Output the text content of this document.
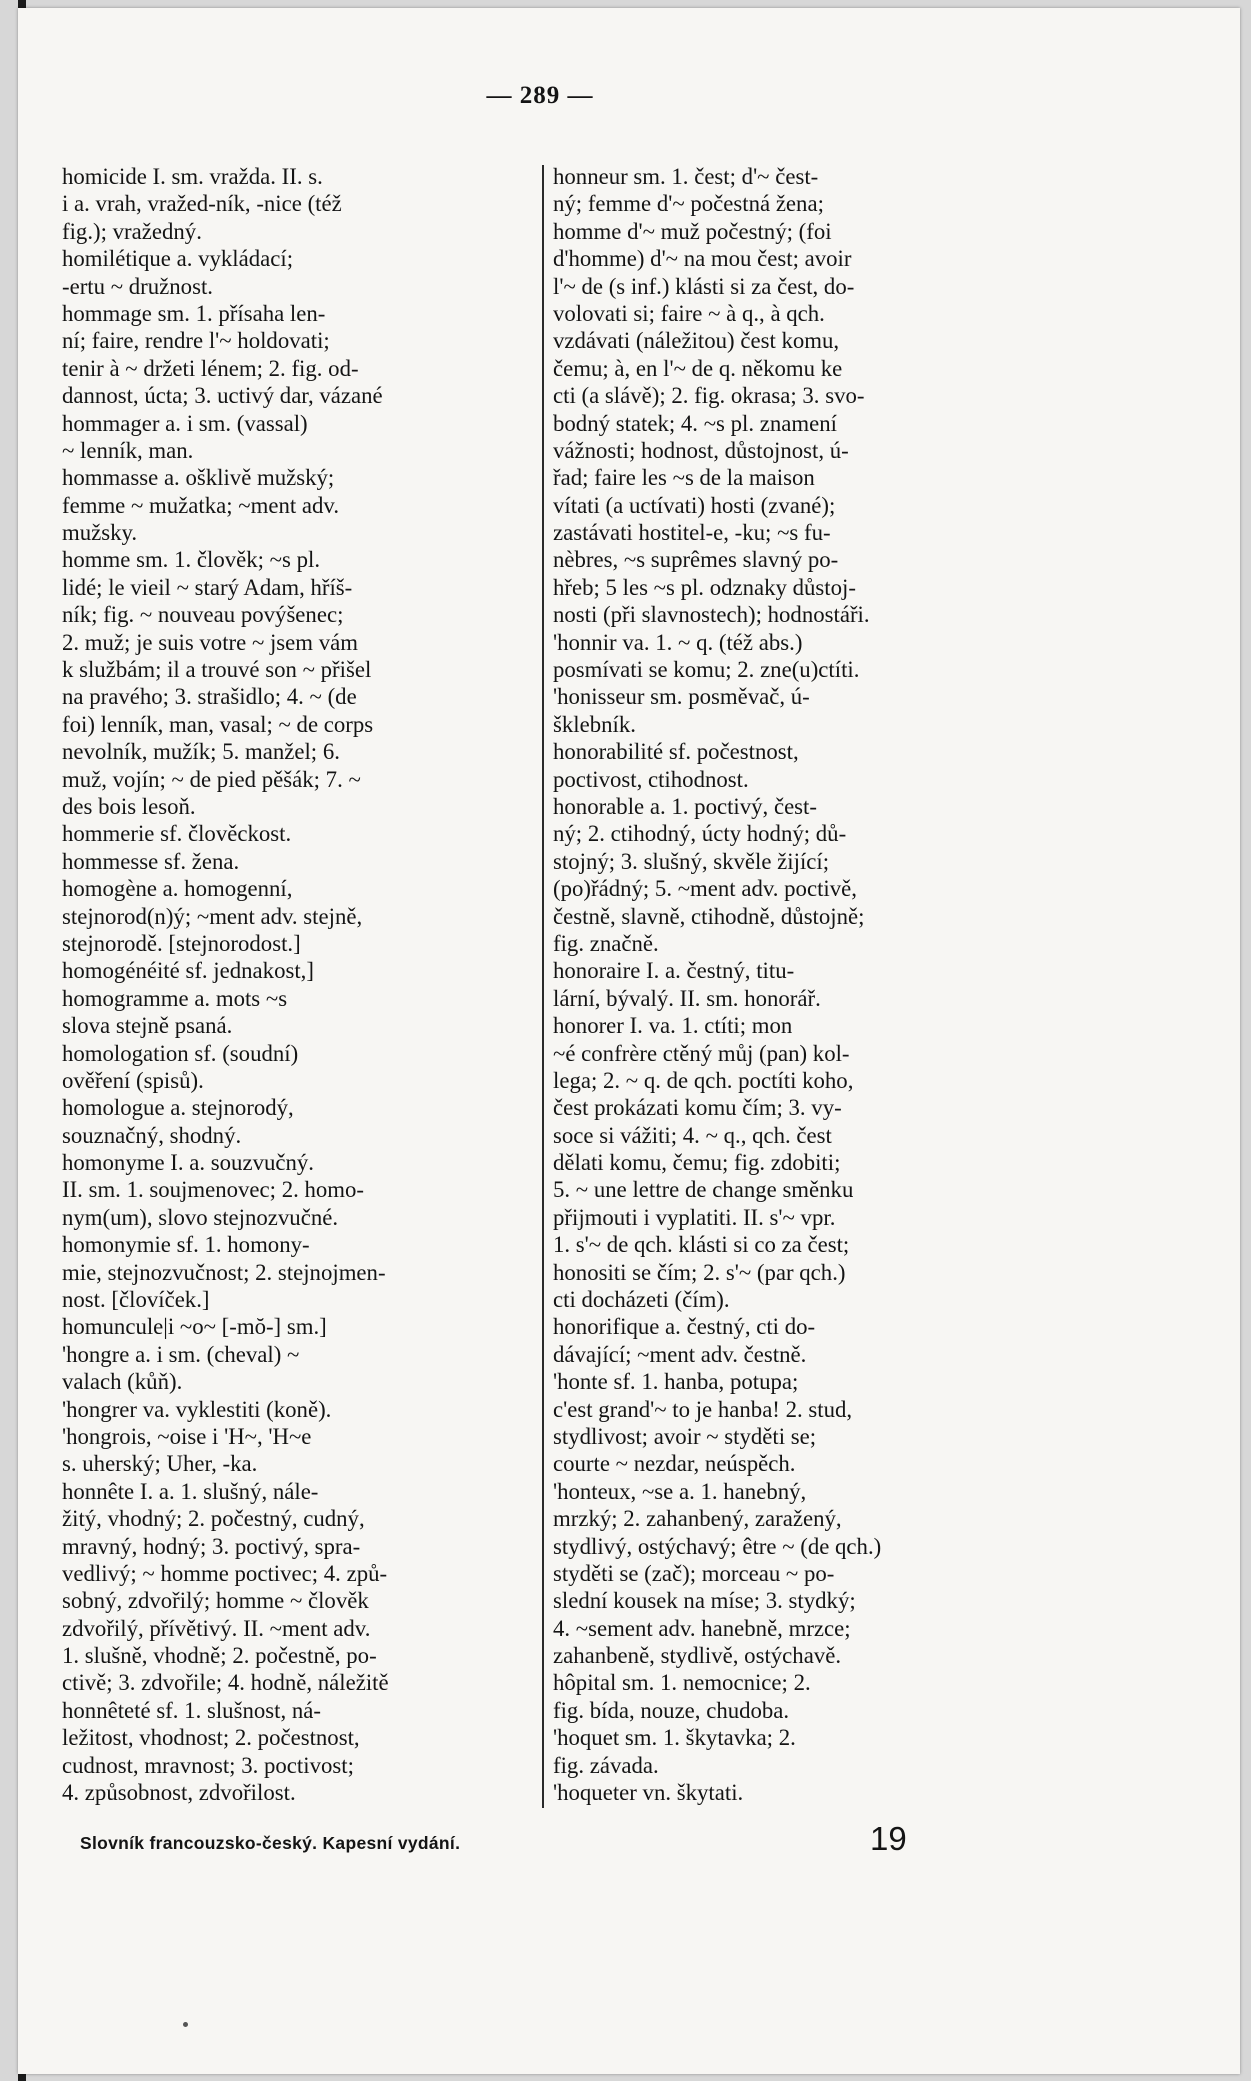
— 289 —
homicide I. sm. vražda. II. s.
i a. vrah, vražed-ník, -nice (též
fig.); vražedný.
homilétique a. vykládací;
-ertu ~ družnost.
hommage sm. 1. přísaha len-
ní; faire, rendre l'~ holdovati;
tenir à ~ držeti lénem; 2. fig. od-
dannost, úcta; 3. uctivý dar, vázané
hommager a. i sm. (vassal)
~ lenník, man.
hommasse a. ošklivě mužský;
femme ~ mužatka; ~ment adv.
mužsky.
homme sm. 1. člověk; ~s pl.
lidé; le vieil ~ starý Adam, hříš-
ník; fig. ~ nouveau povýšenec;
2. muž; je suis votre ~ jsem vám
k službám; il a trouvé son ~ přišel
na pravého; 3. strašidlo; 4. ~ (de
foi) lenník, man, vasal; ~ de corps
nevolník, mužík; 5. manžel; 6.
muž, vojín; ~ de pied pěšák; 7. ~
des bois lesoň.
hommerie sf. člověckost.
hommesse sf. žena.
homogène a. homogenní,
stejnorod(n)ý; ~ment adv. stejně,
stejnorodě. [stejnorodost.]
homogénéité sf. jednakost,]
homogramme a. mots ~s
slova stejně psaná.
homologation sf. (soudní)
ověření (spisů).
homologue a. stejnorodý,
souznačný, shodný.
homonyme I. a. souzvučný.
II. sm. 1. soujmenovec; 2. homo-
nym(um), slovo stejnozvučné.
homonymie sf. 1. homony-
mie, stejnozvučnost; 2. stejnojmen-
nost. [človíček.]
homuncule|i ~o~ [-mŏ-] sm.]
'hongre a. i sm. (cheval) ~
valach (kůň).
'hongrer va. vyklestiti (koně).
'hongrois, ~oise i 'H~, 'H~e
s. uherský; Uher, -ka.
honnête I. a. 1. slušný, nále-
žitý, vhodný; 2. počestný, cudný,
mravný, hodný; 3. poctivý, spra-
vedlivý; ~ homme poctivec; 4. způ-
sobný, zdvořilý; homme ~ člověk
zdvořilý, přívětivý. II. ~ment adv.
1. slušně, vhodně; 2. počestně, po-
ctivě; 3. zdvořile; 4. hodně, náležitě
honnêteté sf. 1. slušnost, ná-
ležitost, vhodnost; 2. počestnost,
cudnost, mravnost; 3. poctivost;
4. způsobnost, zdvořilost.
honneur sm. 1. čest; d'~ čest-
ný; femme d'~ počestná žena;
homme d'~ muž počestný; (foi
d'homme) d'~ na mou čest; avoir
l'~ de (s inf.) klásti si za čest, do-
volovati si; faire ~ à q., à qch.
vzdávati (náležitou) čest komu,
čemu; à, en l'~ de q. někomu ke
cti (a slávě); 2. fig. okrasa; 3. svo-
bodný statek; 4. ~s pl. znamení
vážnosti; hodnost, důstojnost, ú-
řad; faire les ~s de la maison
vítati (a uctívati) hosti (zvané);
zastávati hostitel-e, -ku; ~s fu-
nèbres, ~s suprêmes slavný po-
hřeb; 5 les ~s pl. odznaky důstoj-
nosti (při slavnostech); hodnostáři.
'honnir va. 1. ~ q. (též abs.)
posmívati se komu; 2. zne(u)ctíti.
'honisseur sm. posměvač, ú-
šklebník.
honorabilité sf. počestnost,
poctivost, ctihodnost.
honorable a. 1. poctivý, čest-
ný; 2. ctihodný, úcty hodný; dů-
stojný; 3. slušný, skvěle žijící;
(po)řádný; 5. ~ment adv. poctivě,
čestně, slavně, ctihodně, důstojně;
fig. značně.
honoraire I. a. čestný, titu-
lární, bývalý. II. sm. honorář.
honorer I. va. 1. ctíti; mon
~é confrère ctěný můj (pan) kol-
lega; 2. ~ q. de qch. poctíti koho,
čest prokázati komu čím; 3. vy-
soce si vážiti; 4. ~ q., qch. čest
dělati komu, čemu; fig. zdobiti;
5. ~ une lettre de change směnku
přijmouti i vyplatiti. II. s'~ vpr.
1. s'~ de qch. klásti si co za čest;
honositi se čím; 2. s'~ (par qch.)
cti docházeti (čím).
honorifique a. čestný, cti do-
dávající; ~ment adv. čestně.
'honte sf. 1. hanba, potupa;
c'est grand'~ to je hanba! 2. stud,
stydlivost; avoir ~ styděti se;
courte ~ nezdar, neúspěch.
'honteux, ~se a. 1. hanebný,
mrzký; 2. zahanbený, zaražený,
stydlivý, ostýchavý; être ~ (de qch.)
styděti se (zač); morceau ~ po-
slední kousek na míse; 3. stydký;
4. ~sement adv. hanebně, mrzce;
zahanbeně, stydlivě, ostýchavě.
hôpital sm. 1. nemocnice; 2.
fig. bída, nouze, chudoba.
'hoquet sm. 1. škytavka; 2.
fig. závada.
'hoqueter vn. škytati.
Slovník francouzsko-český. Kapesní vydání.	19
